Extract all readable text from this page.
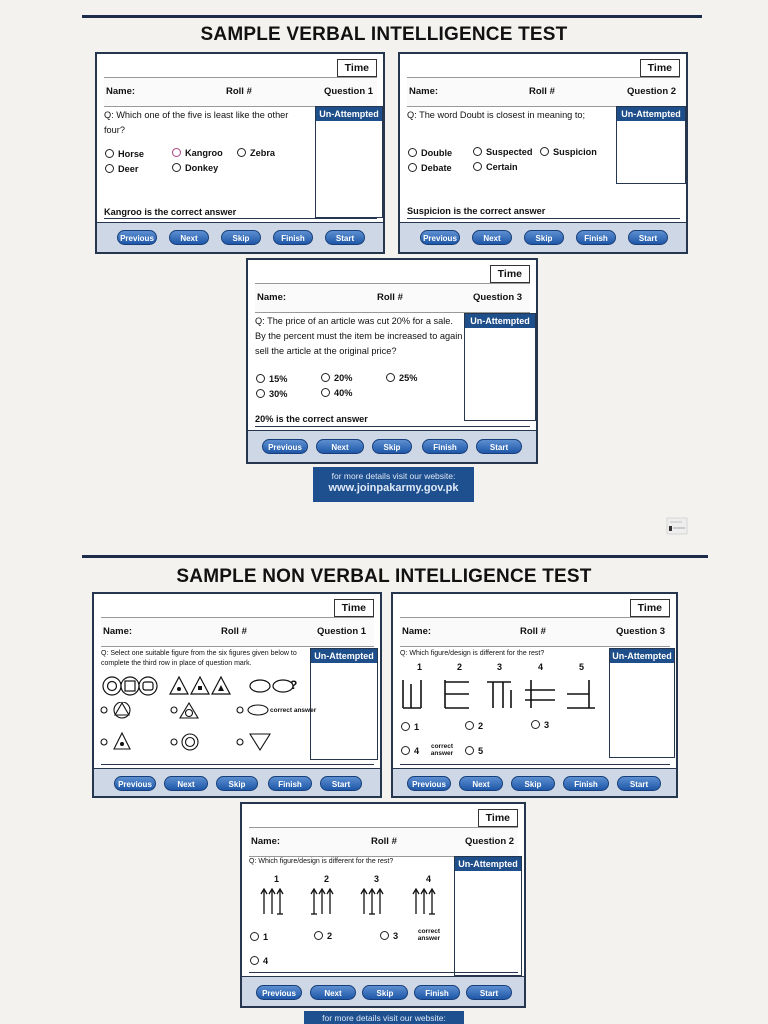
SAMPLE VERBAL INTELLIGENCE TEST
Time
Name:	Roll #	Question 1
Q: Which one of the five is least like the other four?
Un-Attempted
Horse	Kangroo	Zebra
Deer	Donkey
Kangroo is the correct answer
Previous	Next	Skip	Finish	Start
Time
Name:	Roll #	Question 2
Q: The word Doubt is closest in meaning to;	Un-Attempted
Double	Suspected	Suspicion
Debate	Certain
Suspicion is the correct answer
Previous	Next	Skip	Finish	Start
Time
Name:	Roll #	Question 3
Q: The price of an article was cut 20% for a sale. By the percent must the item be increased to again sell the article at the original price?
Un-Attempted
15%	20%	25%
30%	40%
20% is the correct answer
Previous	Next	Skip	Finish	Start
for more details visit our website:
www.joinpakarmy.gov.pk
SAMPLE NON VERBAL INTELLIGENCE TEST
Time
Name:	Roll #	Question 1
Q: Select one suitable figure from the six figures given below to complete the third row in place of question mark.
Un-Attempted
?
correct answer
Previous	Next	Skip	Finish	Start
Time
Name:	Roll #	Question 3
Q: Which figure/design is different for the rest?	Un-Attempted
1	2	3	4	5
1	2	3
4	correct answer	5
Previous	Next	Skip	Finish	Start
Time
Name:	Roll #	Question 2
Q: Which figure/design is different for the rest?	Un-Attempted
1	2	3	4
1	2	3	correct answer
4
Previous	Next	Skip	Finish	Start
for more details visit our website:
